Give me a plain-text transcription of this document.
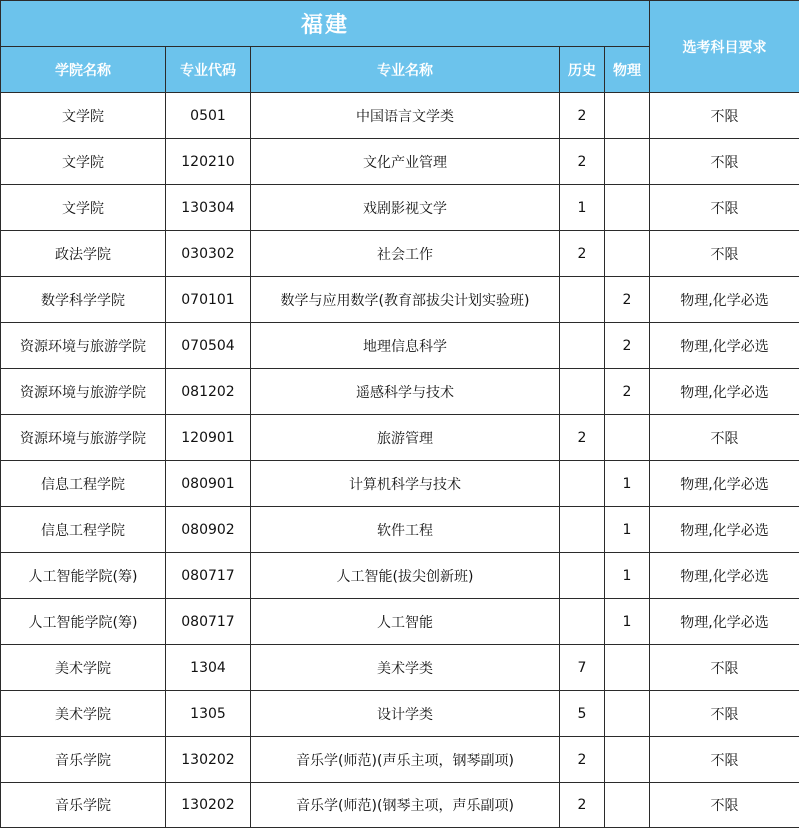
福建					选考科目要求
学院名称	专业代码	专业名称	历史	物理	
文学院	0501	中国语言文学类	2		不限
文学院	120210	文化产业管理	2		不限
文学院	130304	戏剧影视文学	1		不限
政法学院	030302	社会工作	2		不限
数学科学学院	070101	数学与应用数学(教育部拔尖计划实验班)		2	物理,化学必选
资源环境与旅游学院	070504	地理信息科学		2	物理,化学必选
资源环境与旅游学院	081202	遥感科学与技术		2	物理,化学必选
资源环境与旅游学院	120901	旅游管理	2		不限
信息工程学院	080901	计算机科学与技术		1	物理,化学必选
信息工程学院	080902	软件工程		1	物理,化学必选
人工智能学院(筹)	080717	人工智能(拔尖创新班)		1	物理,化学必选
人工智能学院(筹)	080717	人工智能		1	物理,化学必选
美术学院	1304	美术学类	7		不限
美术学院	1305	设计学类	5		不限
音乐学院	130202	音乐学(师范)(声乐主项，钢琴副项)	2		不限
音乐学院	130202	音乐学(师范)(钢琴主项，声乐副项)	2		不限
